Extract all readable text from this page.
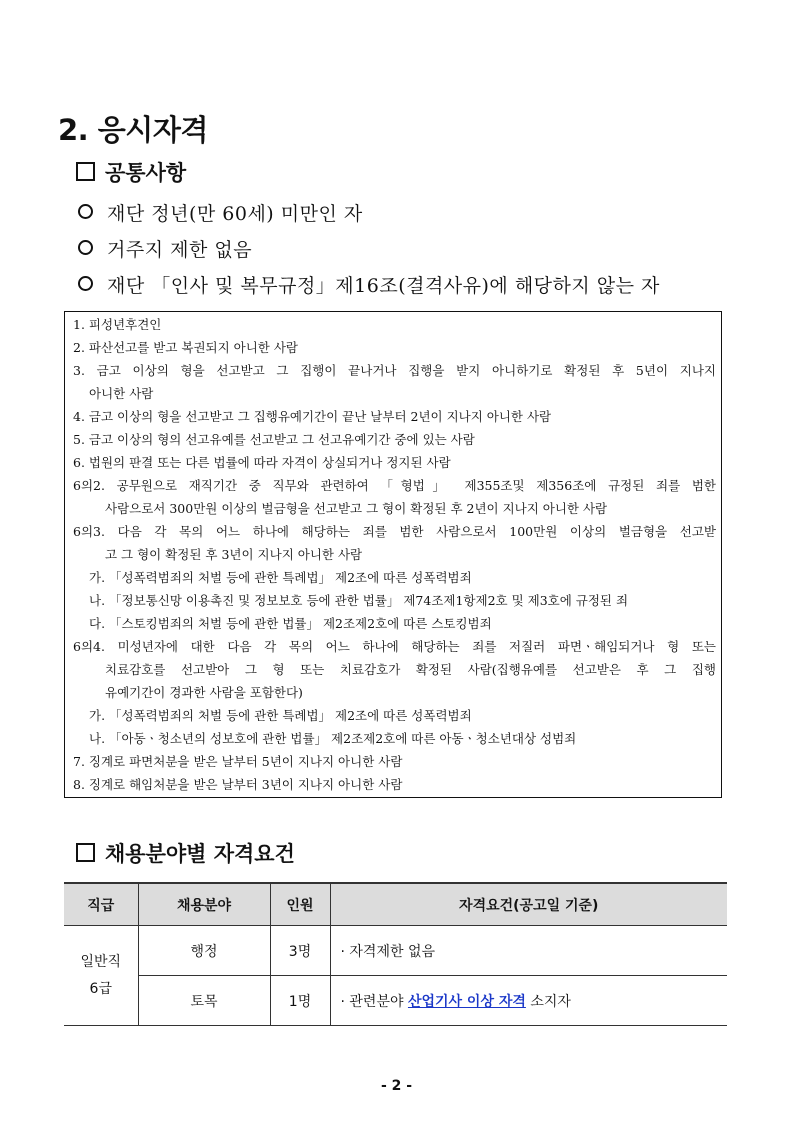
2. 응시자격
공통사항
재단 정년(만 60세) 미만인 자
거주지 제한 없음
재단 「인사 및 복무규정」제16조(결격사유)에 해당하지 않는 자
1. 피성년후견인
2. 파산선고를 받고 복권되지 아니한 사람
3. 금고 이상의 형을 선고받고 그 집행이 끝나거나 집행을 받지 아니하기로 확정된 후 5년이 지나지
아니한 사람
4. 금고 이상의 형을 선고받고 그 집행유예기간이 끝난 날부터 2년이 지나지 아니한 사람
5. 금고 이상의 형의 선고유예를 선고받고 그 선고유예기간 중에 있는 사람
6. 법원의 판결 또는 다른 법률에 따라 자격이 상실되거나 정지된 사람
6의2. 공무원으로 재직기간 중 직무와 관련하여 「형법」 제355조및 제356조에 규정된 죄를 범한
사람으로서 300만원 이상의 벌금형을 선고받고 그 형이 확정된 후 2년이 지나지 아니한 사람
6의3. 다음 각 목의 어느 하나에 해당하는 죄를 범한 사람으로서 100만원 이상의 벌금형을 선고받
고 그 형이 확정된 후 3년이 지나지 아니한 사람
가. 「성폭력범죄의 처벌 등에 관한 특례법」 제2조에 따른 성폭력범죄
나. 「정보통신망 이용촉진 및 정보보호 등에 관한 법률」 제74조제1항제2호 및 제3호에 규정된 죄
다. 「스토킹범죄의 처벌 등에 관한 법률」 제2조제2호에 따른 스토킹범죄
6의4. 미성년자에 대한 다음 각 목의 어느 하나에 해당하는 죄를 저질러 파면ㆍ해임되거나 형 또는
치료감호를 선고받아 그 형 또는 치료감호가 확정된 사람(집행유예를 선고받은 후 그 집행
유예기간이 경과한 사람을 포함한다)
가. 「성폭력범죄의 처벌 등에 관한 특례법」 제2조에 따른 성폭력범죄
나. 「아동ㆍ청소년의 성보호에 관한 법률」 제2조제2호에 따른 아동ㆍ청소년대상 성범죄
7. 징계로 파면처분을 받은 날부터 5년이 지나지 아니한 사람
8. 징계로 해임처분을 받은 날부터 3년이 지나지 아니한 사람
채용분야별 자격요건
직급	채용분야	인원	자격요건(공고일 기준)

일반직
6급	행정	3명	· 자격제한 없음
	토목	1명	· 관련분야 산업기사 이상 자격 소지자
- 2 -
